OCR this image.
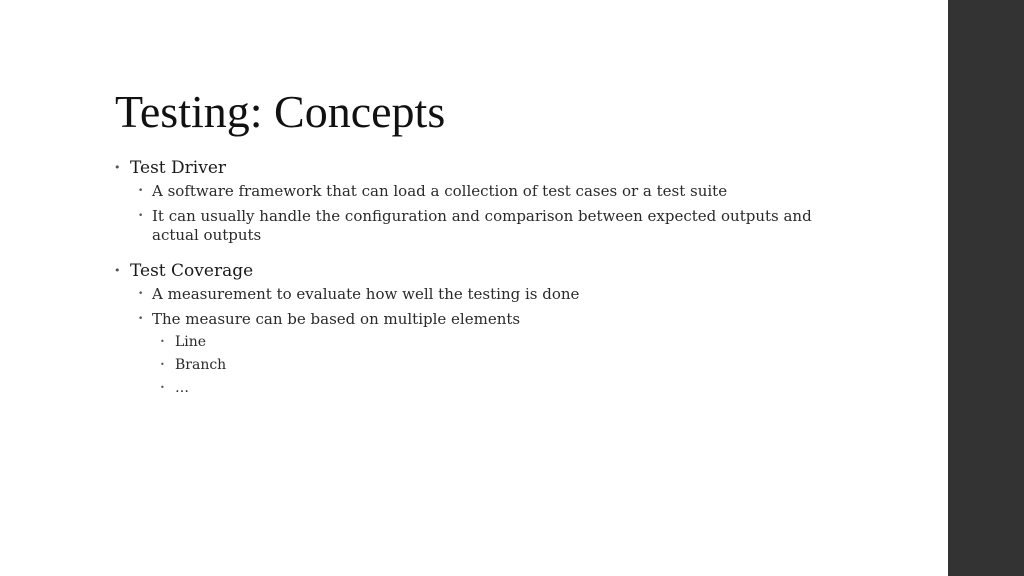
Testing: Concepts
• Test Driver
• A software framework that can load a collection of test cases or a test suite
• It can usually handle the configuration and comparison between expected outputs and actual outputs
• Test Coverage
• A measurement to evaluate how well the testing is done
• The measure can be based on multiple elements
• Line
• Branch
• …
